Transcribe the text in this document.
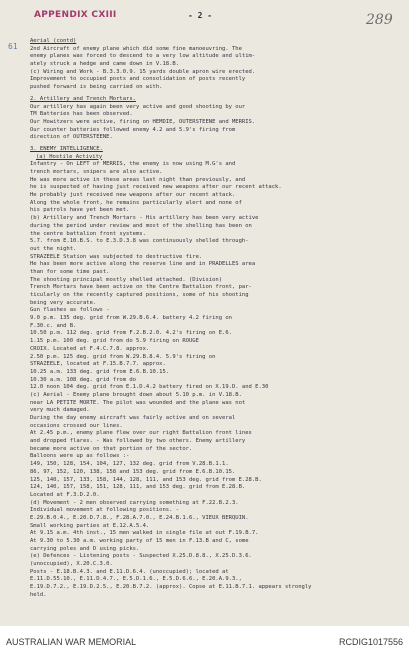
APPENDIX CXIII	- 2 -	289
61
Aerial (contd)
2nd Aircraft of enemy plane which did some fine manoeuvring. The
enemy planes was forced to descend to a very low altitude and ultim-
ately struck a hedge and came down in V.18.B.
(c) Wiring and Work - B.3.3.0.9. 15 yards double apron wire erected.
Improvement to occupied posts and consolidation of posts recently
pushed forward is being carried on with.
2. Artillery and Trench Mortars.
Our artillery has again been very active and good shooting by our
TM Batteries has been observed.
Our Howitzers were active, firing on HEMDIE, OUTERSTEENE and MERRIS.
Our counter batteries followed enemy 4.2 and 5.9's firing from
direction of OUTERSTEENE.
3. ENEMY INTELLIGENCE.
(a) Hostile Activity
Infantry - On LEFT of MERRIS, the enemy is now using M.G's and
trench mortars, snipers are also active.
He was more active in these areas last night than previously, and
he is suspected of having just received new weapons after our recent attack.
He probably just received new weapons after our recent attack.
Along the whole front, he remains particularly alert and none of
his patrols have yet been met.
(b) Artillery and Trench Mortars - His artillery has been very active
during the period under review and most of the shelling has been on
the centre battalion front systems.
5.7. from E.10.B.S. to E.3.D.3.8 was continuously shelled through-
out the night.
STRAZEELE Station was subjected to destructive fire.
He has been more active along the reserve line and in PRADELLES area
than for some time past.
The shooting principal mostly shelled attached. (Division)
Trench Mortars have been active on the Centre Battalion front, par-
ticularly on the recently captured positions, some of his shooting
being very accurate.
Gun flashes as follows -
9.0 p.m. 135 deg. grid from W.29.B.6.4. battery 4.2 firing on
F.30.c. and B.
10.50 p.m. 112 deg. grid from F.2.B.2.0. 4.2's firing on E.6.
1.15 p.m. 100 deg. grid from do 5.9 firing on ROUGE
CROIX. Located at F.4.C.7.8. approx.
2.50 p.m. 125 deg. grid from W.29.B.8.4. 5.9's firing on
STRAZEELE, located at F.15.B.7.7. approx.
10.25 a.m. 133 deg. grid from E.6.B.10.15.
10.30 a.m. 108 deg. grid from do
12.0 noon 104 deg. grid from E.1.D.4.2 battery fired on X.19.D. and E.30
(c) Aerial - Enemy plane brought down about 5.10 p.m. in V.18.B.
near LA PETITE MORTE. The pilot was wounded and the plane was not
very much damaged.
During the day enemy aircraft was fairly active and on several
occasions crossed our lines.
At 2.45 p.m., enemy plane flew over our right Battalion front lines
and dropped flares. - Was followed by two others. Enemy artillery
became more active on that portion of the sector.
Balloons were up as follows :-
149, 150, 128, 154, 104, 127, 132 deg. grid from V.28.B.1.1.
86, 97, 152, 120, 138, 158 and 153 deg. grid from E.6.B.10.15.
125, 140, 157, 133, 158, 144, 128, 111, and 153 deg. grid from E.28.B.
124, 140, 157, 158, 151, 128, 111, and 153 deg. grid from E.28.B.
Located at F.3.D.2.0.
(d) Movement - 2 men observed carrying something at F.22.B.2.3.
Individual movement at following positions. -
E.29.B.0.4., E.20.D.7.8., F.28.A.7.0., E.24.B.1.6., VIEUX BERQUIN.
Small working parties at E.12.A.5.4.
At 9.15 a.m. 4th inst., 15 men walked in single file at out F.19.B.7.
At 9.30 to 5.30 a.m. working party of 15 men in F.13.B and C, some
carrying poles and D using picks.
(e) Defences - Listening posts - Suspected X.25.D.8.8., X.25.D.3.6.
(unoccupied), X.20.C.3.0.
Posts - E.18.B.4.3. and E.11.D.6.4. (unoccupied); located at
E.11.D.55.10., E.11.D.4.7., E.5.D.1.6., E.5.D.6.6., E.20.A.9.3.,
E.19.D.7.2., E.19.D.2.5., E.20.B.7.2. (approx). Copse at E.11.B.7.1. appears strongly
held.
AUSTRALIAN WAR MEMORIAL	RCDIG1017556
